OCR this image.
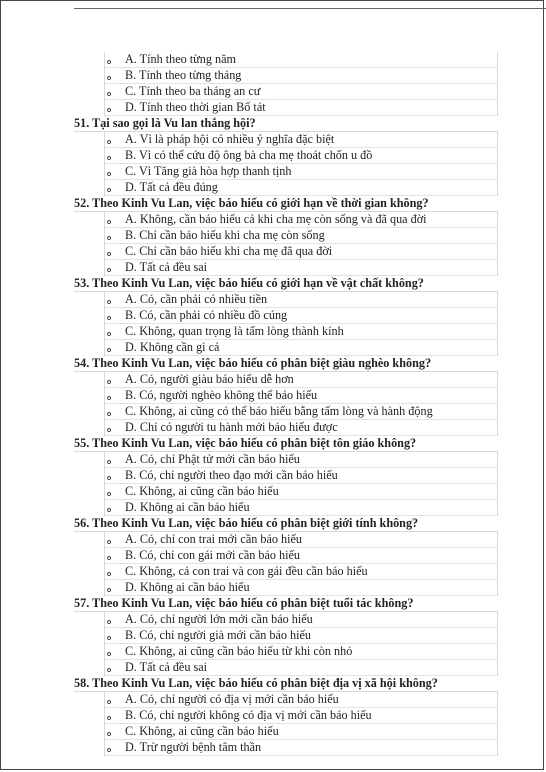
A. Tính theo từng năm
B. Tính theo từng tháng
C. Tính theo ba tháng an cư
D. Tính theo thời gian Bố tát
51. Tại sao gọi là Vu lan thắng hội?
A. Vì là pháp hội có nhiều ý nghĩa đặc biệt
B. Vì có thể cứu độ ông bà cha mẹ thoát chốn u đồ
C. Vì Tăng già hòa hợp thanh tịnh
D. Tất cả đều đúng
52. Theo Kinh Vu Lan, việc báo hiếu có giới hạn về thời gian không?
A. Không, cần báo hiếu cả khi cha mẹ còn sống và đã qua đời
B. Chỉ cần báo hiếu khi cha mẹ còn sống
C. Chỉ cần báo hiếu khi cha mẹ đã qua đời
D. Tất cả đều sai
53. Theo Kinh Vu Lan, việc báo hiếu có giới hạn về vật chất không?
A. Có, cần phải có nhiều tiền
B. Có, cần phải có nhiều đồ cúng
C. Không, quan trọng là tấm lòng thành kính
D. Không cần gì cả
54. Theo Kinh Vu Lan, việc báo hiếu có phân biệt giàu nghèo không?
A. Có, người giàu báo hiếu dễ hơn
B. Có, người nghèo không thể báo hiếu
C. Không, ai cũng có thể báo hiếu bằng tấm lòng và hành động
D. Chỉ có người tu hành mới báo hiếu được
55. Theo Kinh Vu Lan, việc báo hiếu có phân biệt tôn giáo không?
A. Có, chỉ Phật tử mới cần báo hiếu
B. Có, chỉ người theo đạo mới cần báo hiếu
C. Không, ai cũng cần báo hiếu
D. Không ai cần báo hiếu
56. Theo Kinh Vu Lan, việc báo hiếu có phân biệt giới tính không?
A. Có, chỉ con trai mới cần báo hiếu
B. Có, chỉ con gái mới cần báo hiếu
C. Không, cả con trai và con gái đều cần báo hiếu
D. Không ai cần báo hiếu
57. Theo Kinh Vu Lan, việc báo hiếu có phân biệt tuổi tác không?
A. Có, chỉ người lớn mới cần báo hiếu
B. Có, chỉ người già mới cần báo hiếu
C. Không, ai cũng cần báo hiếu từ khi còn nhỏ
D. Tất cả đều sai
58. Theo Kinh Vu Lan, việc báo hiếu có phân biệt địa vị xã hội không?
A. Có, chỉ người có địa vị mới cần báo hiếu
B. Có, chỉ người không có địa vị mới cần báo hiếu
C. Không, ai cũng cần báo hiếu
D. Trừ người bệnh tâm thần
